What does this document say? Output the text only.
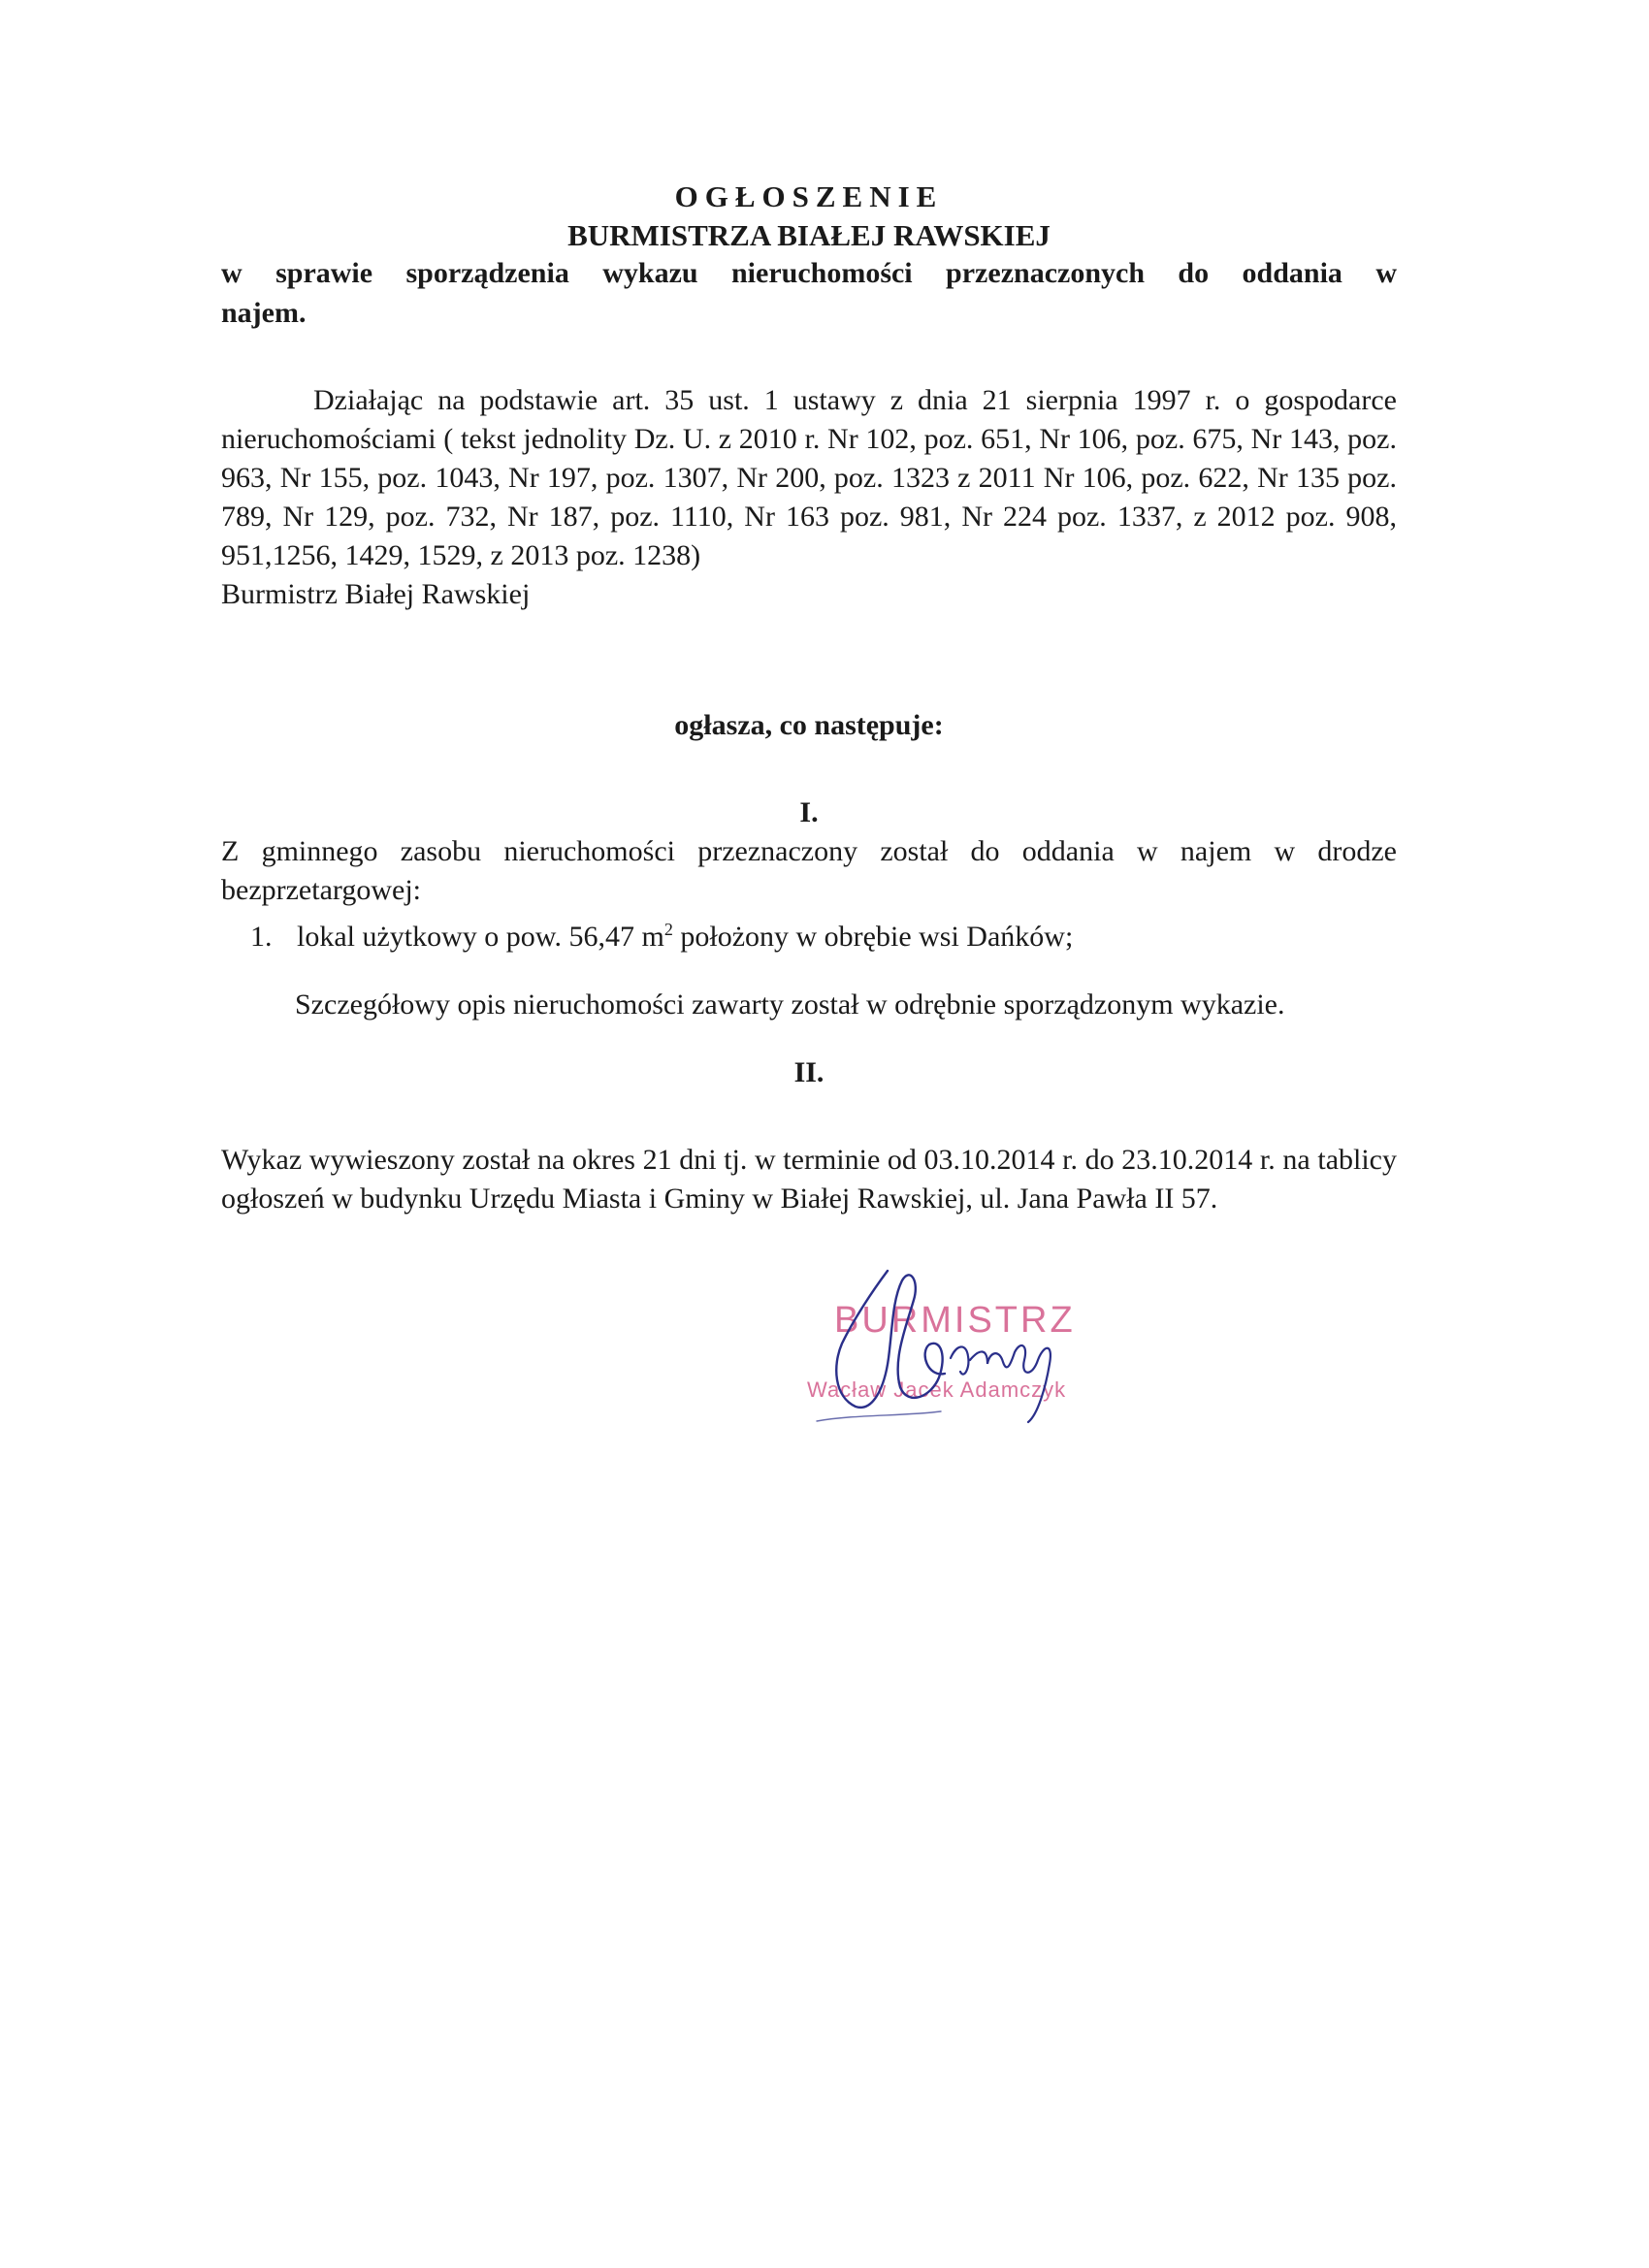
OGŁOSZENIE

BURMISTRZA BIAŁEJ RAWSKIEJ

w sprawie sporządzenia wykazu nieruchomości przeznaczonych do oddania w najem.

Działając na podstawie art. 35 ust. 1 ustawy z dnia 21 sierpnia 1997 r. o gospodarce nieruchomościami ( tekst jednolity Dz. U. z 2010 r. Nr 102, poz. 651, Nr 106, poz. 675, Nr 143, poz. 963, Nr 155, poz. 1043, Nr 197, poz. 1307, Nr 200, poz. 1323 z 2011 Nr 106, poz. 622, Nr 135 poz. 789, Nr 129, poz. 732, Nr 187, poz. 1110, Nr 163 poz. 981, Nr 224 poz. 1337, z 2012 poz. 908, 951,1256, 1429, 1529, z 2013 poz. 1238)

Burmistrz Białej Rawskiej

ogłasza, co następuje:

I.

Z gminnego zasobu nieruchomości przeznaczony został do oddania w najem w drodze bezprzetargowej:

1. lokal użytkowy o pow. 56,47 $m^2$ położony w obrębie wsi Dańków;

Szczegółowy opis nieruchomości zawarty został w odrębnie sporządzonym wykazie.

II.

Wykaz wywieszony został na okres 21 dni tj. w terminie od 03.10.2014 r. do 23.10.2014 r. na tablicy ogłoszeń w budynku Urzędu Miasta i Gminy w Białej Rawskiej, ul. Jana Pawła II 57.

BURMISTRZ

Wacław Jacek Adamczyk
